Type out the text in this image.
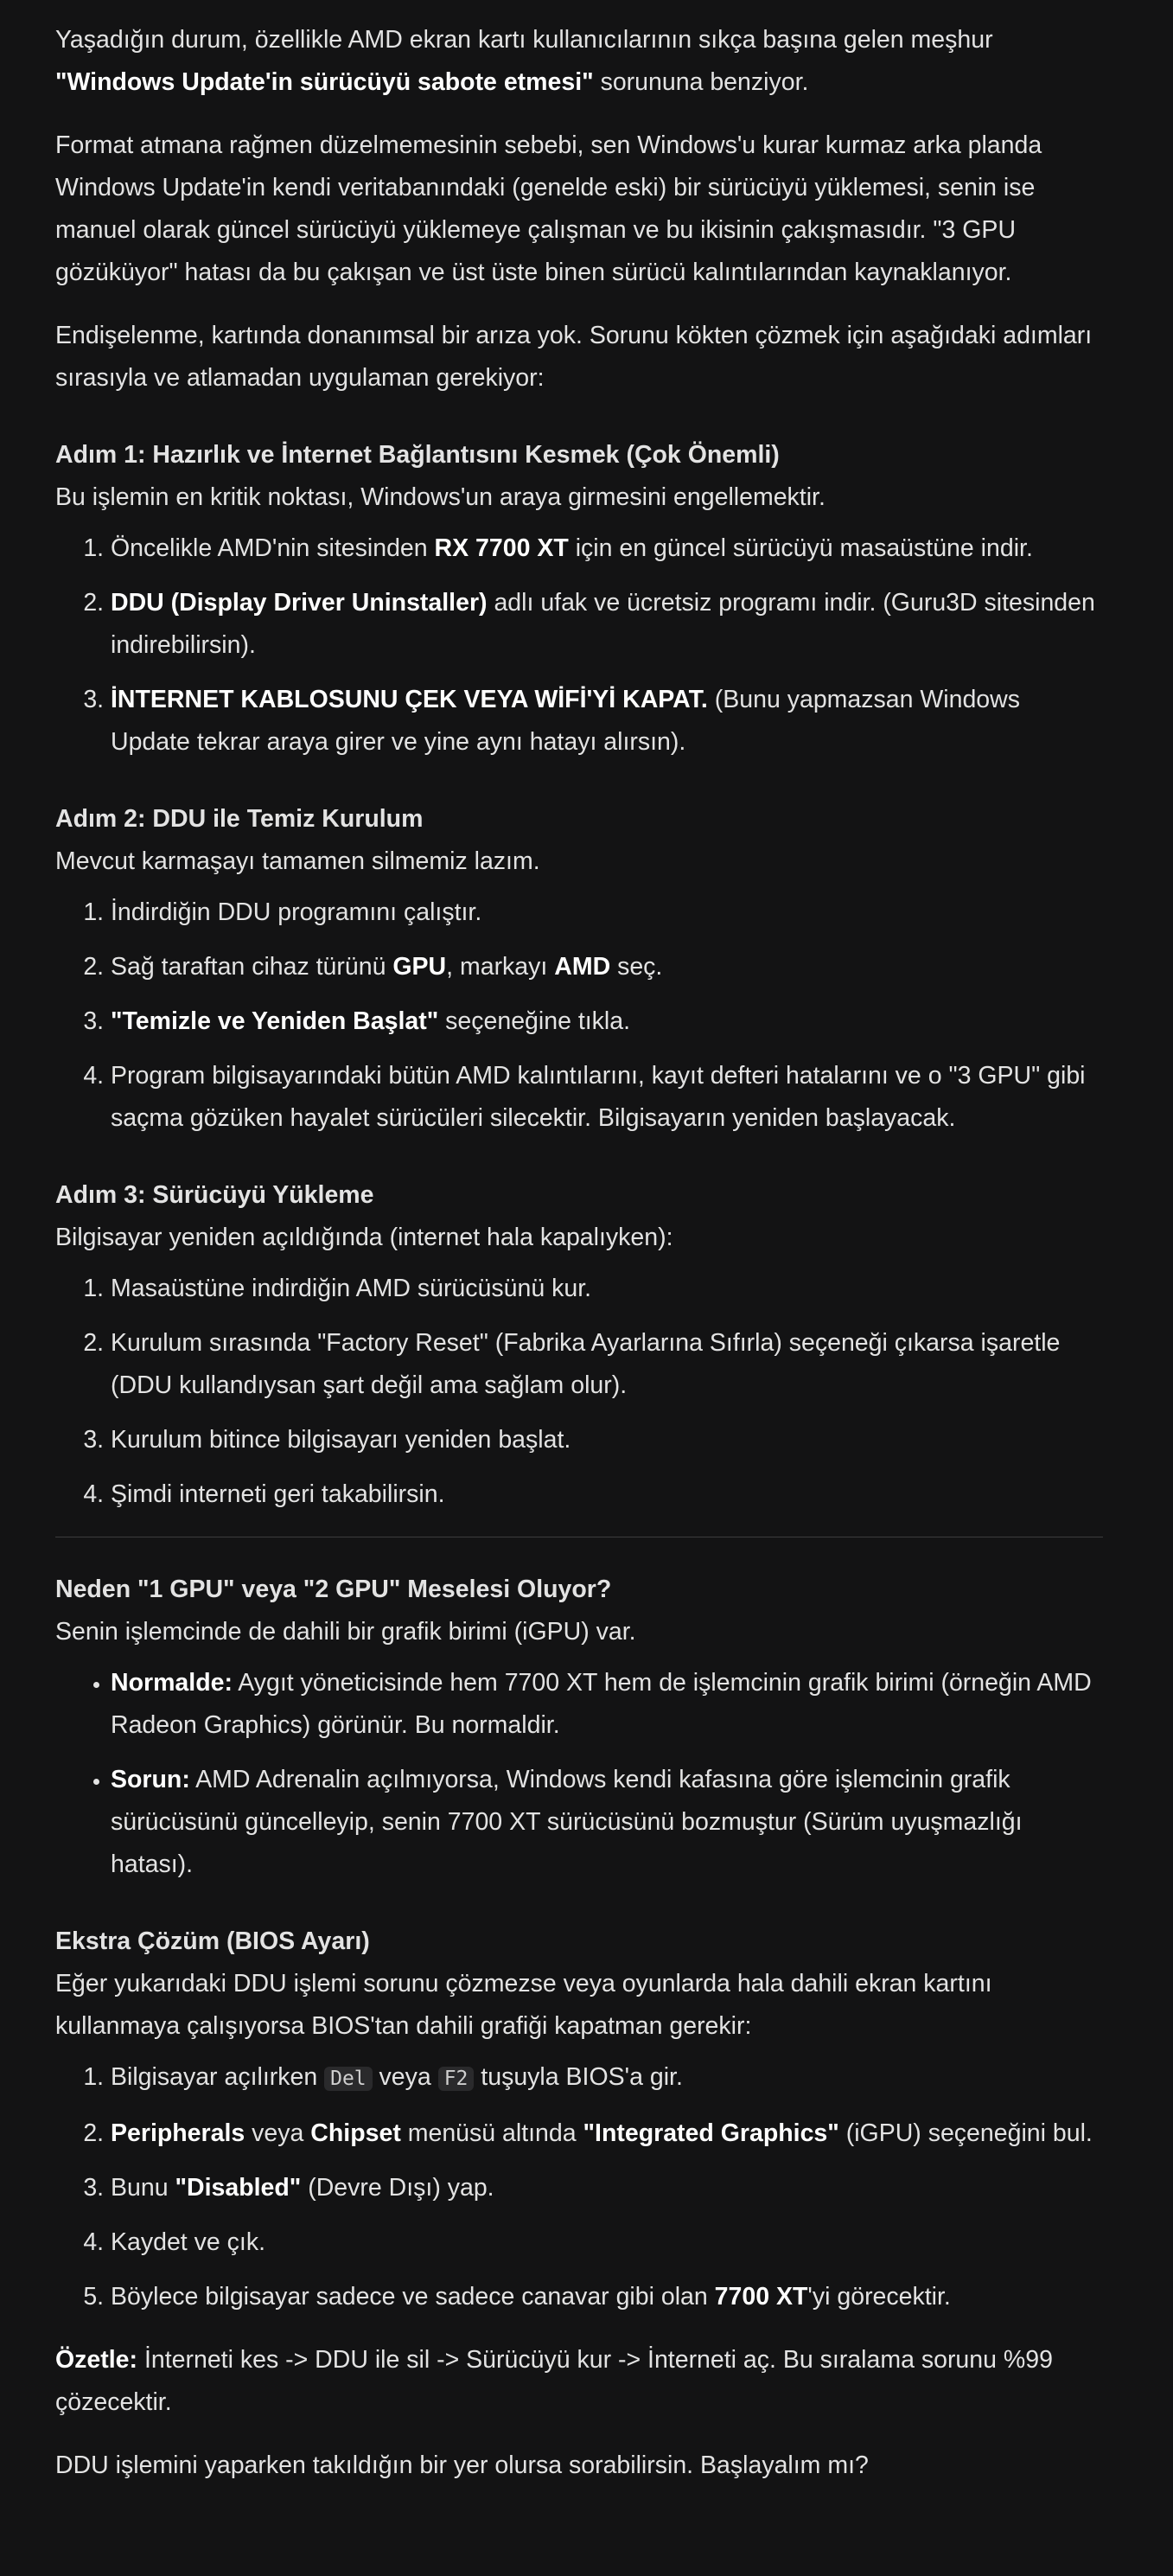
Yaşadığın durum, özellikle AMD ekran kartı kullanıcılarının sıkça başına gelen meşhur "Windows Update'in sürücüyü sabote etmesi" sorununa benziyor.

Format atmana rağmen düzelmemesinin sebebi, sen Windows'u kurar kurmaz arka planda Windows Update'in kendi veritabanındaki (genelde eski) bir sürücüyü yüklemesi, senin ise manuel olarak güncel sürücüyü yüklemeye çalışman ve bu ikisinin çakışmasıdır. "3 GPU gözüküyor" hatası da bu çakışan ve üst üste binen sürücü kalıntılarından kaynaklanıyor.

Endişelenme, kartında donanımsal bir arıza yok. Sorunu kökten çözmek için aşağıdaki adımları sırasıyla ve atlamadan uygulaman gerekiyor:

Adım 1: Hazırlık ve İnternet Bağlantısını Kesmek (Çok Önemli)

Bu işlemin en kritik noktası, Windows'un araya girmesini engellemektir.

1. Öncelikle AMD'nin sitesinden RX 7700 XT için en güncel sürücüyü masaüstüne indir.
2. DDU (Display Driver Uninstaller) adlı ufak ve ücretsiz programı indir. (Guru3D sitesinden indirebilirsin).
3. İNTERNET KABLOSUNU ÇEK VEYA WİFİ'Yİ KAPAT. (Bunu yapmazsan Windows Update tekrar araya girer ve yine aynı hatayı alırsın).
Adım 2: DDU ile Temiz Kurulum

Mevcut karmaşayı tamamen silmemiz lazım.

1. İndirdiğin DDU programını çalıştır.
2. Sağ taraftan cihaz türünü GPU, markayı AMD seç.
3. "Temizle ve Yeniden Başlat" seçeneğine tıkla.
4. Program bilgisayarındaki bütün AMD kalıntılarını, kayıt defteri hatalarını ve o "3 GPU" gibi saçma gözüken hayalet sürücüleri silecektir. Bilgisayarın yeniden başlayacak.
Adım 3: Sürücüyü Yükleme

Bilgisayar yeniden açıldığında (internet hala kapalıyken):

1. Masaüstüne indirdiğin AMD sürücüsünü kur.
2. Kurulum sırasında "Factory Reset" (Fabrika Ayarlarına Sıfırla) seçeneği çıkarsa işaretle (DDU kullandıysan şart değil ama sağlam olur).
3. Kurulum bitince bilgisayarı yeniden başlat.
4. Şimdi interneti geri takabilirsin.
Neden "1 GPU" veya "2 GPU" Meselesi Oluyor?

Senin işlemcinde de dahili bir grafik birimi (iGPU) var.

• Normalde: Aygıt yöneticisinde hem 7700 XT hem de işlemcinin grafik birimi (örneğin AMD Radeon Graphics) görünür. Bu normaldir.
• Sorun: AMD Adrenalin açılmıyorsa, Windows kendi kafasına göre işlemcinin grafik sürücüsünü güncelleyip, senin 7700 XT sürücüsünü bozmuştur (Sürüm uyuşmazlığı hatası).
Ekstra Çözüm (BIOS Ayarı)

Eğer yukarıdaki DDU işlemi sorunu çözmezse veya oyunlarda hala dahili ekran kartını kullanmaya çalışıyorsa BIOS'tan dahili grafiği kapatman gerekir:

1. Bilgisayar açılırken Del veya F2 tuşuyla BIOS'a gir.
2. Peripherals veya Chipset menüsü altında "Integrated Graphics" (iGPU) seçeneğini bul.
3. Bunu "Disabled" (Devre Dışı) yap.
4. Kaydet ve çık.
5. Böylece bilgisayar sadece ve sadece canavar gibi olan 7700 XT'yi görecektir.

Özetle: İnterneti kes -> DDU ile sil -> Sürücüyü kur -> İnterneti aç. Bu sıralama sorunu %99 çözecektir.

DDU işlemini yaparken takıldığın bir yer olursa sorabilirsin. Başlayalım mı?
